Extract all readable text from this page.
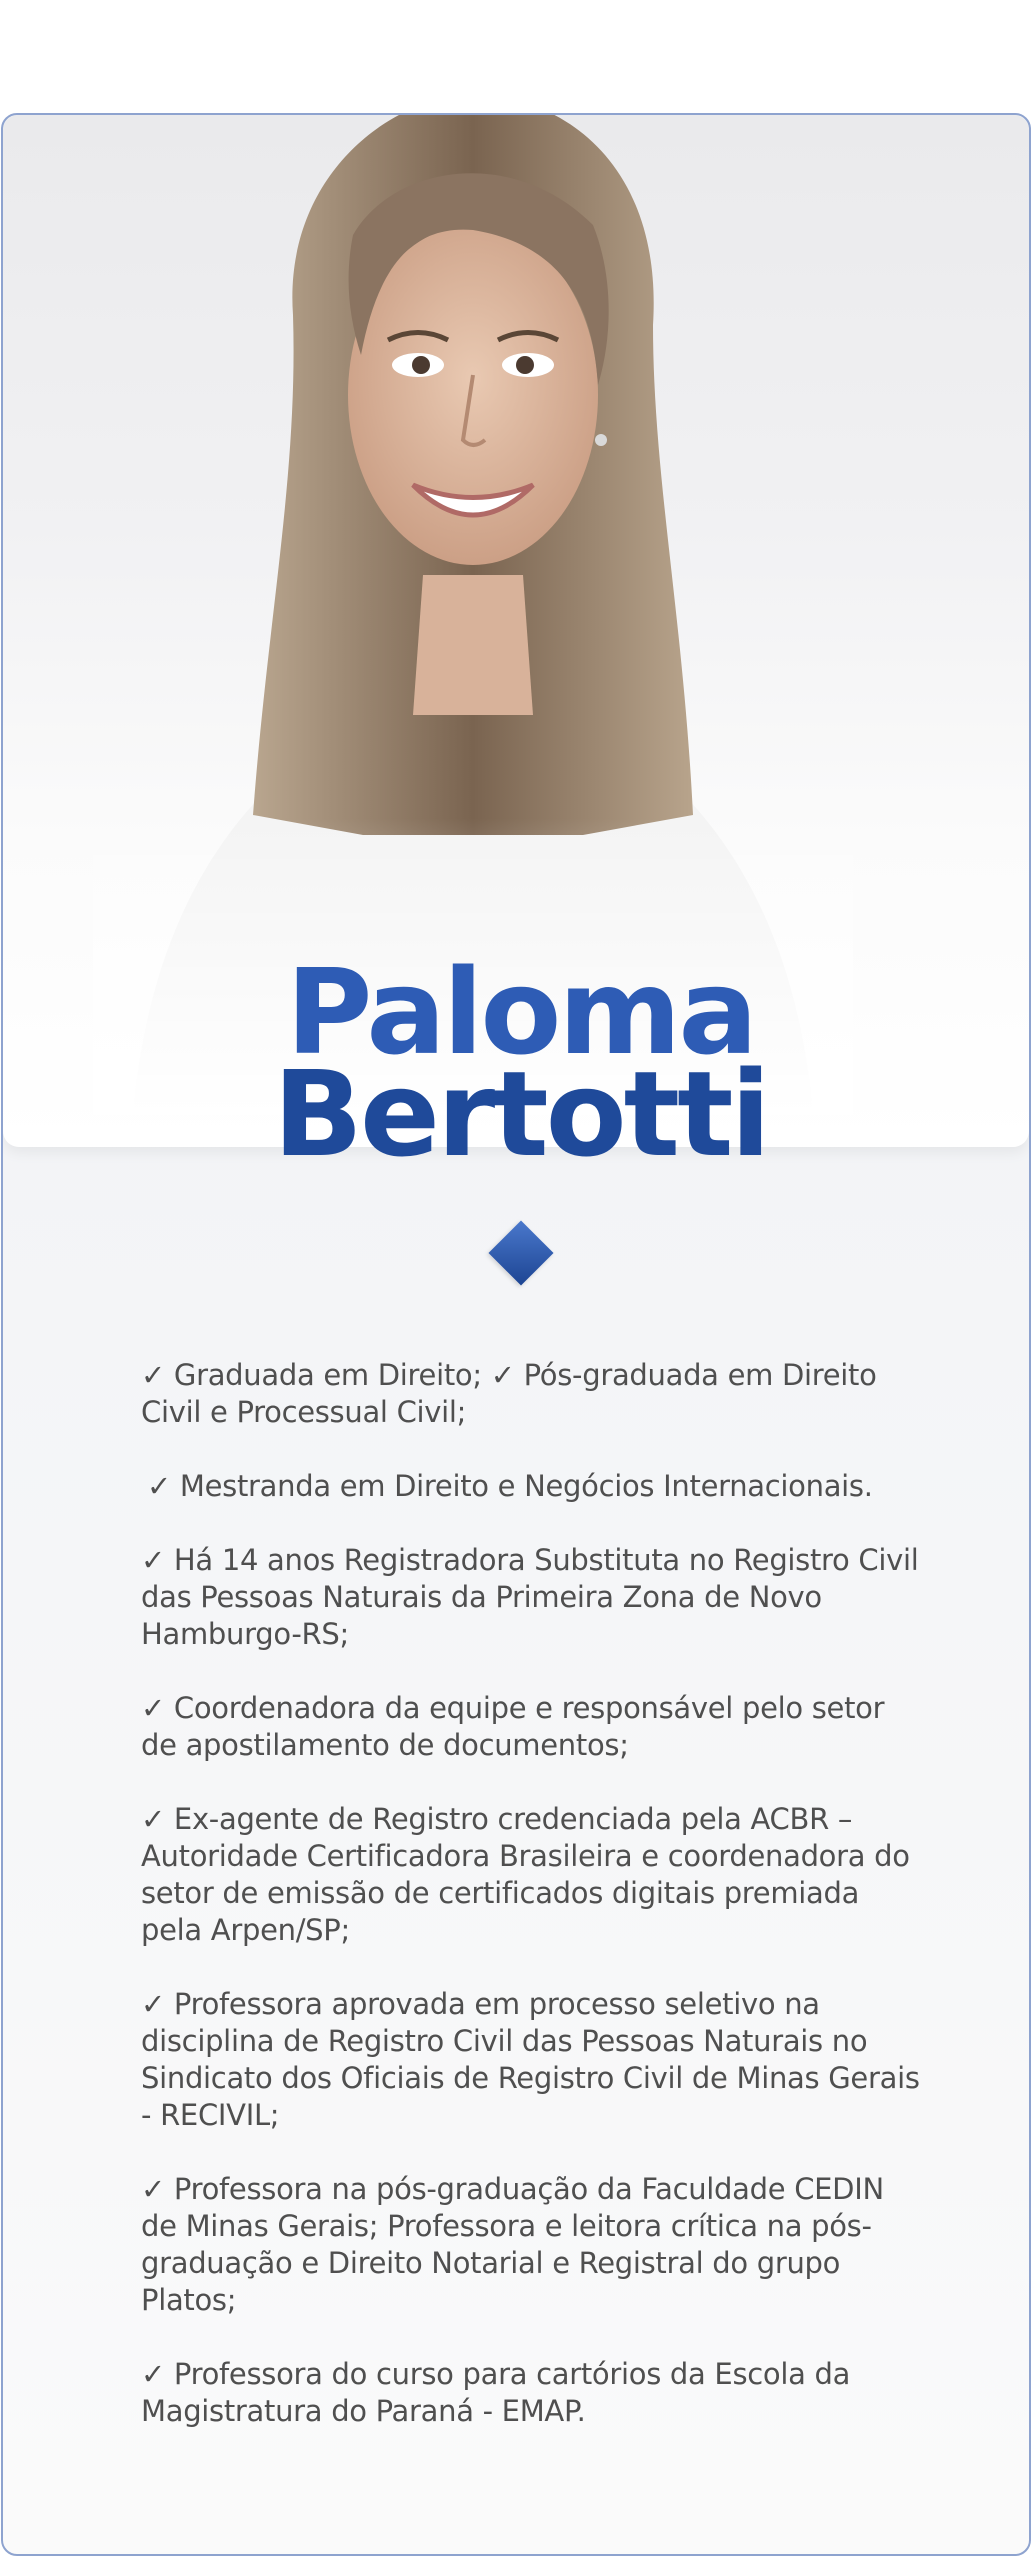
Paloma
Bertotti

✓ Graduada em Direito; ✓ Pós-graduada em Direito Civil e Processual Civil;

✓ Mestranda em Direito e Negócios Internacionais.

✓ Há 14 anos Registradora Substituta no Registro Civil das Pessoas Naturais da Primeira Zona de Novo Hamburgo-RS;

✓ Coordenadora da equipe e responsável pelo setor de apostilamento de documentos;

✓ Ex-agente de Registro credenciada pela ACBR – Autoridade Certificadora Brasileira e coordenadora do setor de emissão de certificados digitais premiada pela Arpen/SP;

✓ Professora aprovada em processo seletivo na disciplina de Registro Civil das Pessoas Naturais no Sindicato dos Oficiais de Registro Civil de Minas Gerais - RECIVIL;

✓ Professora na pós-graduação da Faculdade CEDIN de Minas Gerais; Professora e leitora crítica na pós-graduação e Direito Notarial e Registral do grupo Platos;

✓ Professora do curso para cartórios da Escola da Magistratura do Paraná - EMAP.
